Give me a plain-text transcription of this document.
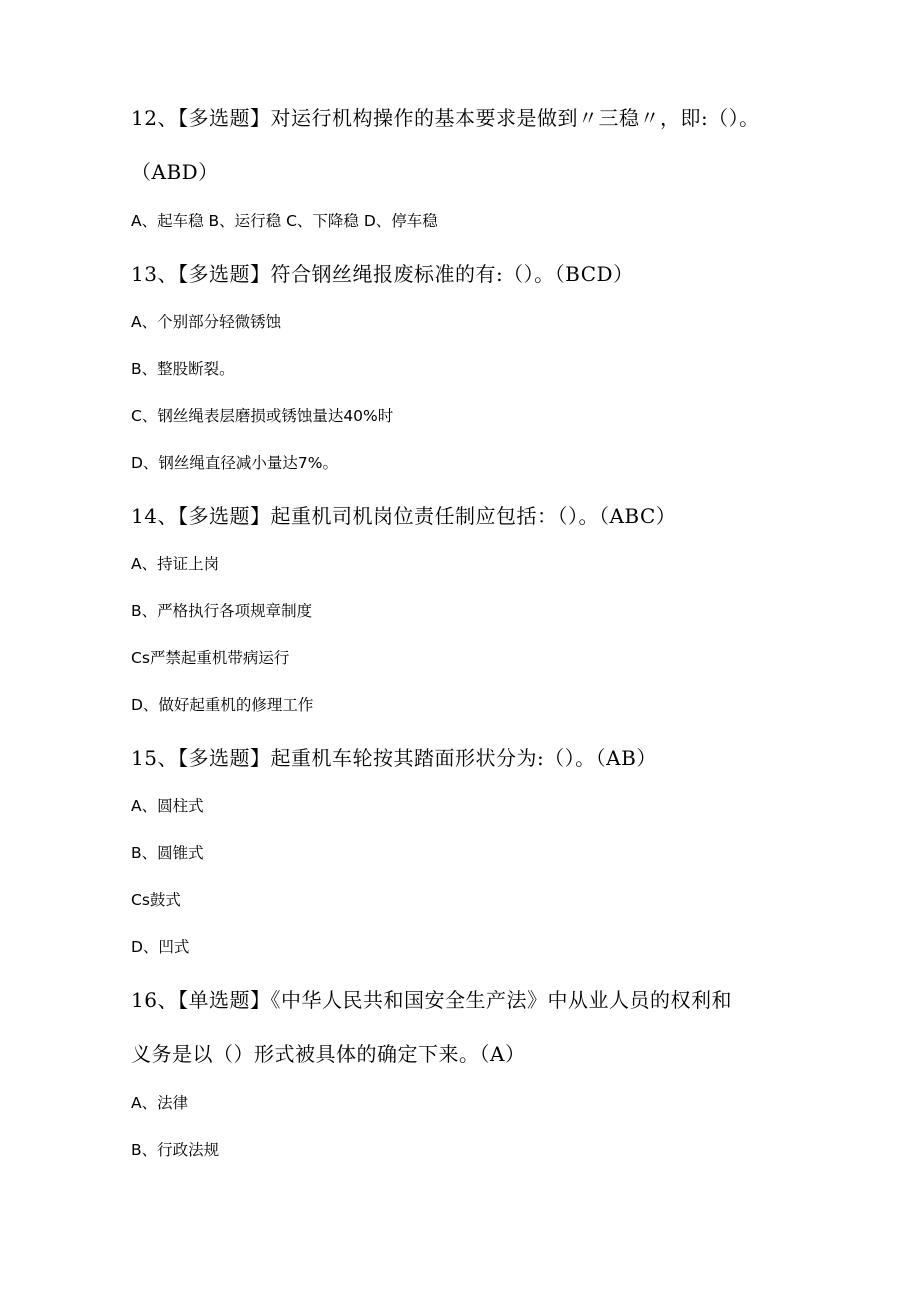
12、【多选题】对运行机构操作的基本要求是做到〃三稳〃，即:（）。
（ABD）
A、起车稳 B、运行稳 C、下降稳 D、停车稳
13、【多选题】符合钢丝绳报废标准的有:（）。（BCD）
A、个别部分轻微锈蚀
B、整股断裂。
C、钢丝绳表层磨损或锈蚀量达40%时
D、钢丝绳直径减小量达7%。
14、【多选题】起重机司机岗位责任制应包括：（）。（ABC）
A、持证上岗
B、严格执行各项规章制度
Cs严禁起重机带病运行
D、做好起重机的修理工作
15、【多选题】起重机车轮按其踏面形状分为:（）。（AB）
A、圆柱式
B、圆锥式
Cs鼓式
D、凹式
16、【单选题】《中华人民共和国安全生产法》中从业人员的权利和
义务是以（）形式被具体的确定下来。（A）
A、法律
B、行政法规
